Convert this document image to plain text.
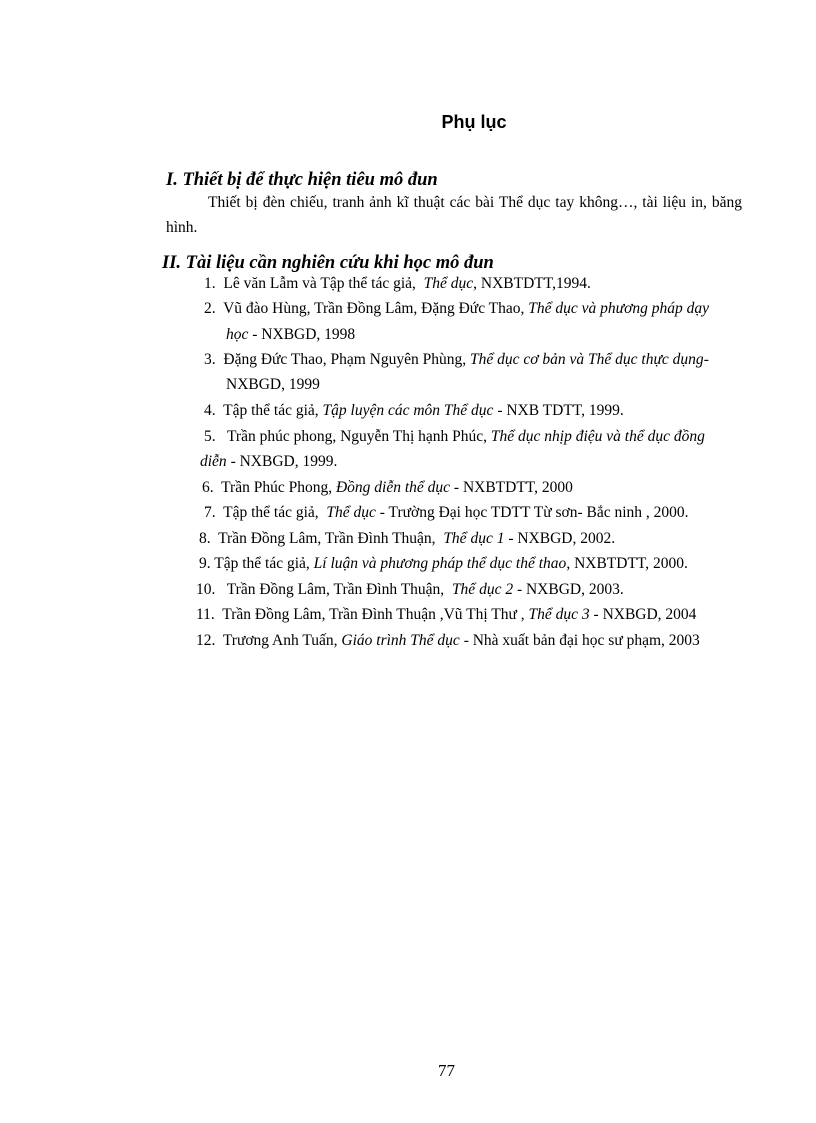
Phụ lục
I. Thiết bị để thực hiện tiêu mô đun
Thiết bị đèn chiếu, tranh ảnh kĩ thuật các bài Thể dục tay không…, tài liệu in, băng hình.
II. Tài liệu cần nghiên cứu khi học mô đun
1. Lê văn Lẫm và Tập thể tác giả, Thể dục, NXBTDTT,1994.
2. Vũ đào Hùng, Trần Đồng Lâm, Đặng Đức Thao, Thể dục và phương pháp dạy
học - NXBGD, 1998
3. Đặng Đức Thao, Phạm Nguyên Phùng, Thể dục cơ bản và Thể dục thực dụng-
NXBGD, 1999
4. Tập thể tác giả, Tập luyện các môn Thể dục - NXB TDTT, 1999.
5. Trần phúc phong, Nguyễn Thị hạnh Phúc, Thể dục nhịp điệu và thể dục đồng
diễn - NXBGD, 1999.
6. Trần Phúc Phong, Đồng diễn thể dục - NXBTDTT, 2000
7. Tập thể tác giả, Thể dục - Trường Đại học TDTT Từ sơn- Bắc ninh , 2000.
8. Trần Đồng Lâm, Trần Đình Thuận, Thể dục 1 - NXBGD, 2002.
9. Tập thể tác giả, Lí luận và phương pháp thể dục thể thao, NXBTDTT, 2000.
10. Trần Đồng Lâm, Trần Đình Thuận, Thể dục 2 - NXBGD, 2003.
11. Trần Đồng Lâm, Trần Đình Thuận ,Vũ Thị Thư , Thể dục 3 - NXBGD, 2004
12. Trương Anh Tuấn, Giáo trình Thể dục - Nhà xuất bản đại học sư phạm, 2003
77
